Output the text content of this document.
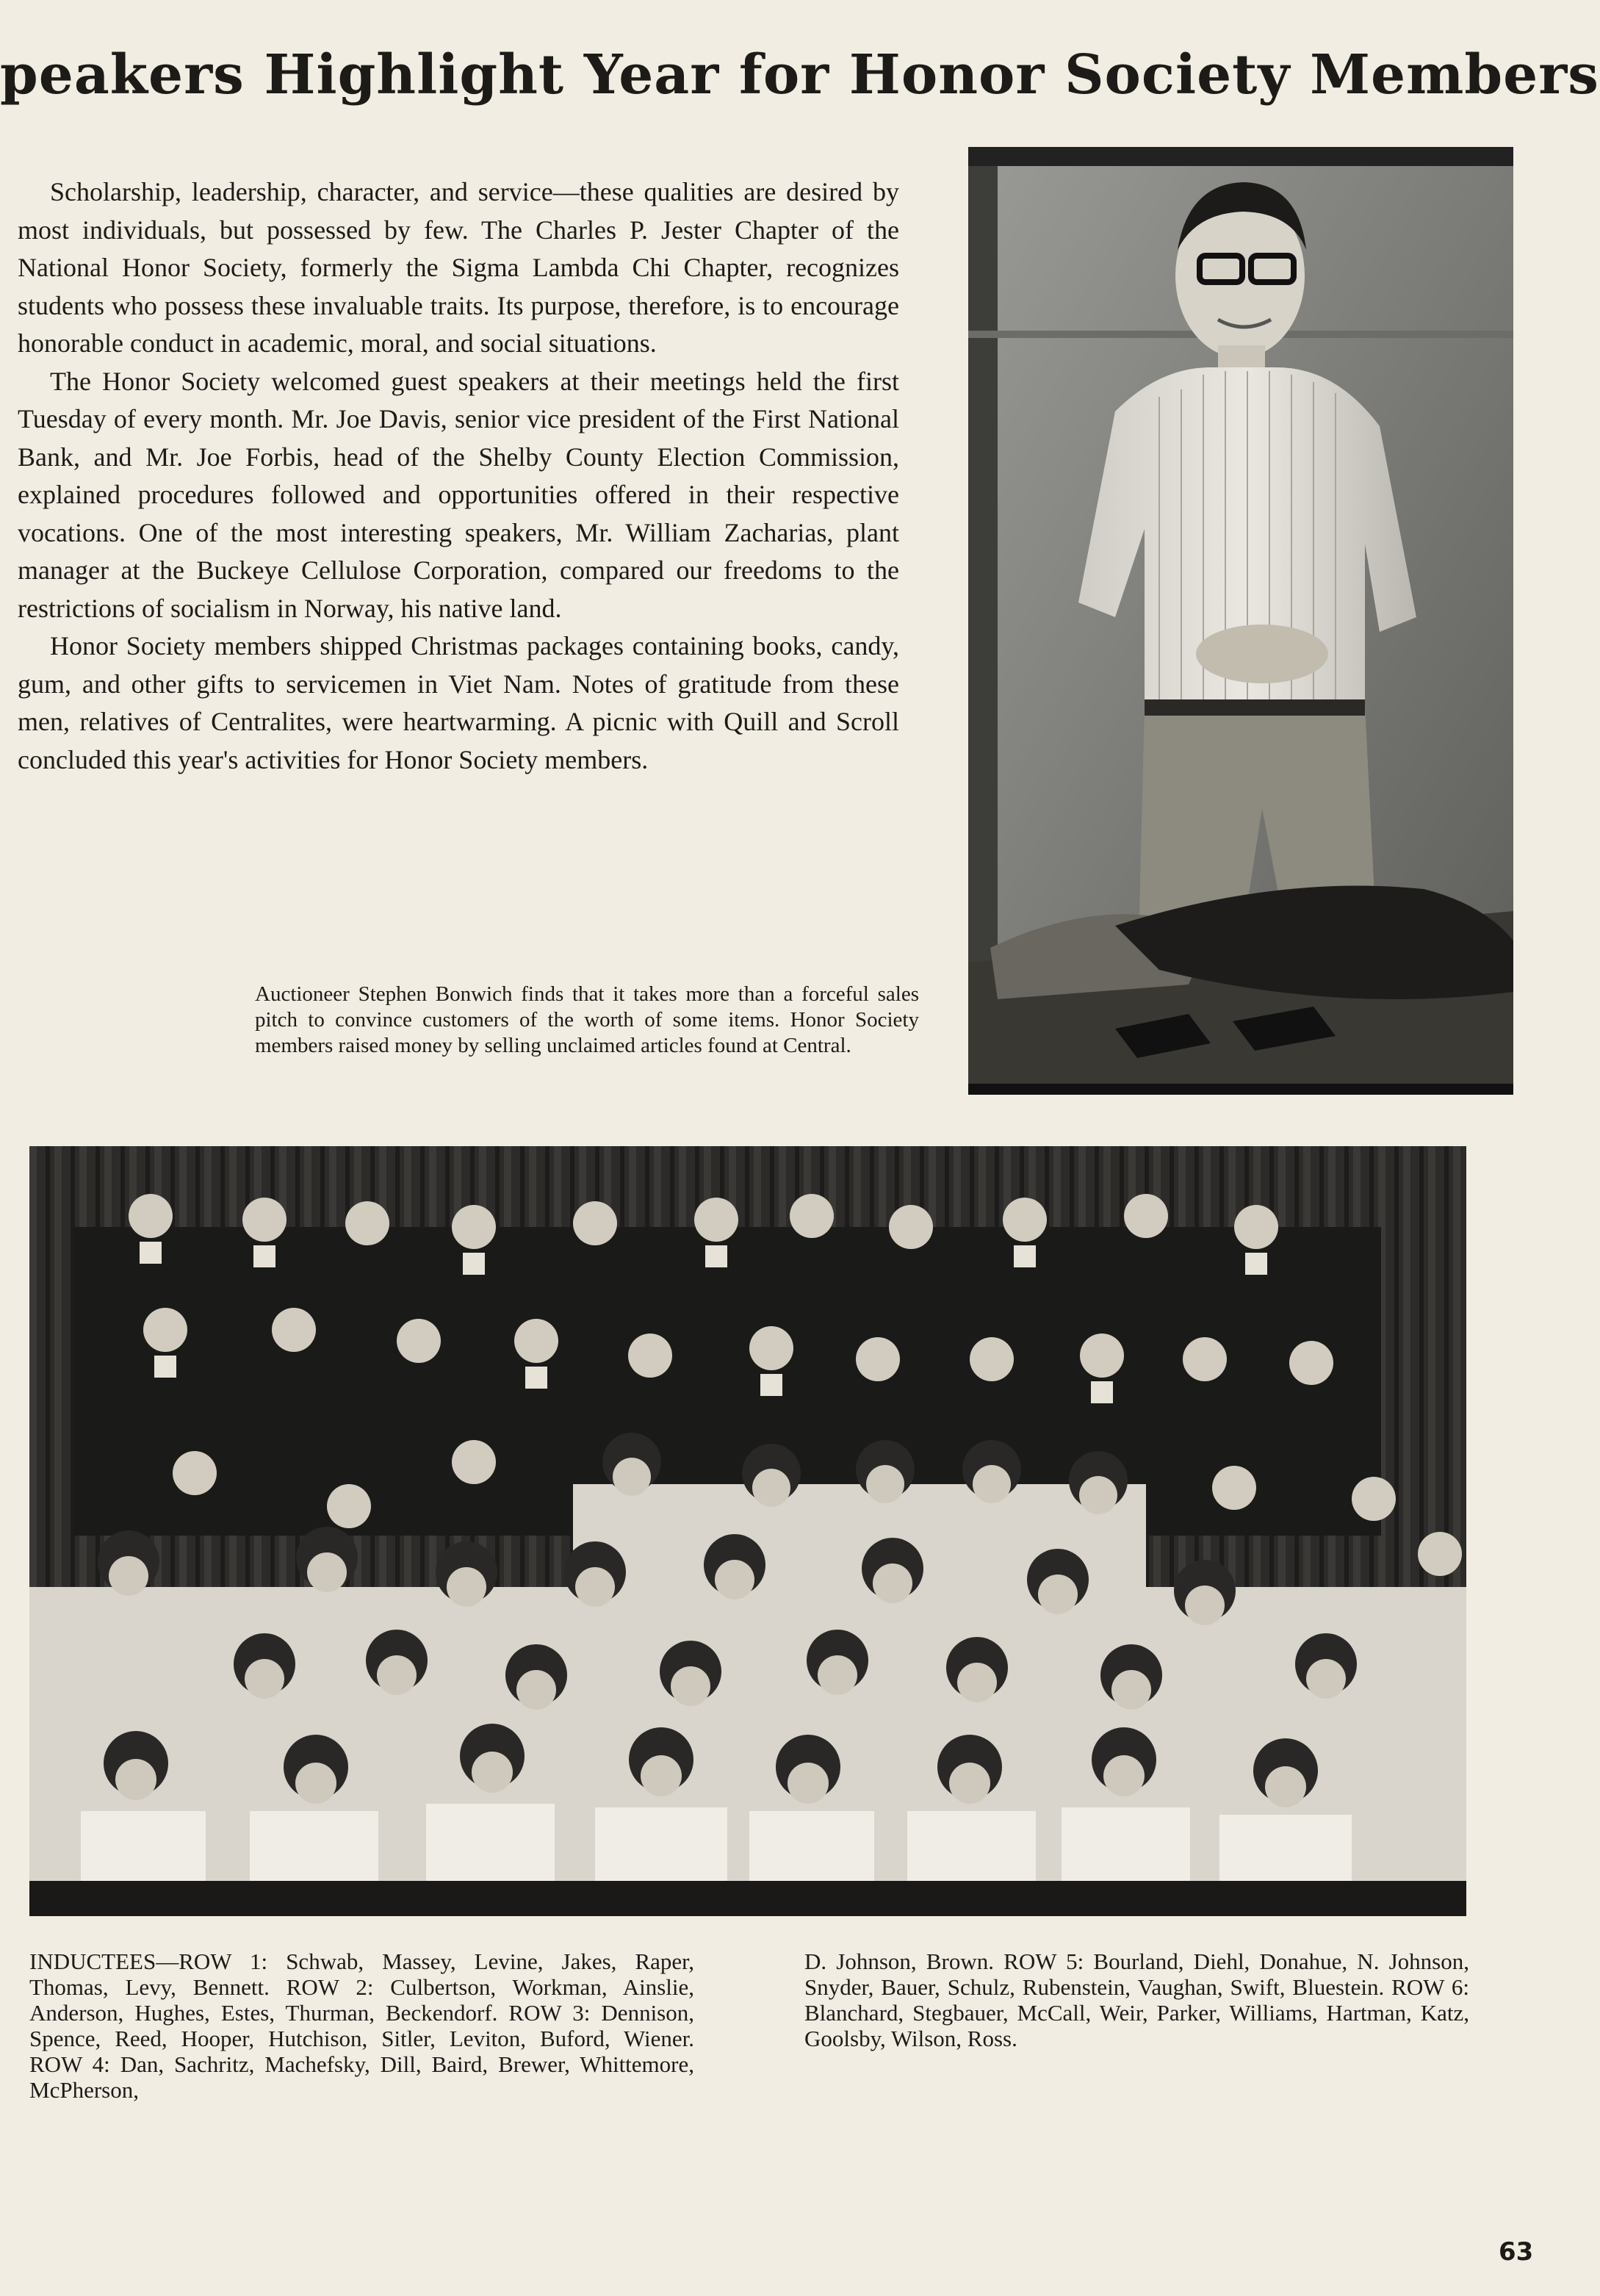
peakers Highlight Year for Honor Society Members

Scholarship, leadership, character, and service—these qualities are desired by most individuals, but possessed by few. The Charles P. Jester Chapter of the National Honor Society, formerly the Sigma Lambda Chi Chapter, recognizes students who possess these invaluable traits. Its purpose, therefore, is to encourage honorable conduct in academic, moral, and social situations.

The Honor Society welcomed guest speakers at their meetings held the first Tuesday of every month. Mr. Joe Davis, senior vice president of the First National Bank, and Mr. Joe Forbis, head of the Shelby County Election Commission, explained procedures followed and opportunities offered in their respective vocations. One of the most interesting speakers, Mr. William Zacharias, plant manager at the Buckeye Cellulose Corporation, compared our freedoms to the restrictions of socialism in Norway, his native land.

Honor Society members shipped Christmas packages containing books, candy, gum, and other gifts to servicemen in Viet Nam. Notes of gratitude from these men, relatives of Centralites, were heartwarming. A picnic with Quill and Scroll concluded this year's activities for Honor Society members.

Auctioneer Stephen Bonwich finds that it takes more than a forceful sales pitch to convince customers of the worth of some items. Honor Society members raised money by selling unclaimed articles found at Central.
INDUCTEES—ROW 1: Schwab, Massey, Levine, Jakes, Raper, Thomas, Levy, Bennett. ROW 2: Culbertson, Workman, Ainslie, Anderson, Hughes, Estes, Thurman, Beckendorf. ROW 3: Dennison, Spence, Reed, Hooper, Hutchison, Sitler, Leviton, Buford, Wiener. ROW 4: Dan, Sachritz, Machefsky, Dill, Baird, Brewer, Whittemore, McPherson,
D. Johnson, Brown. ROW 5: Bourland, Diehl, Donahue, N. Johnson, Snyder, Bauer, Schulz, Rubenstein, Vaughan, Swift, Bluestein. ROW 6: Blanchard, Stegbauer, McCall, Weir, Parker, Williams, Hartman, Katz, Goolsby, Wilson, Ross.
63
